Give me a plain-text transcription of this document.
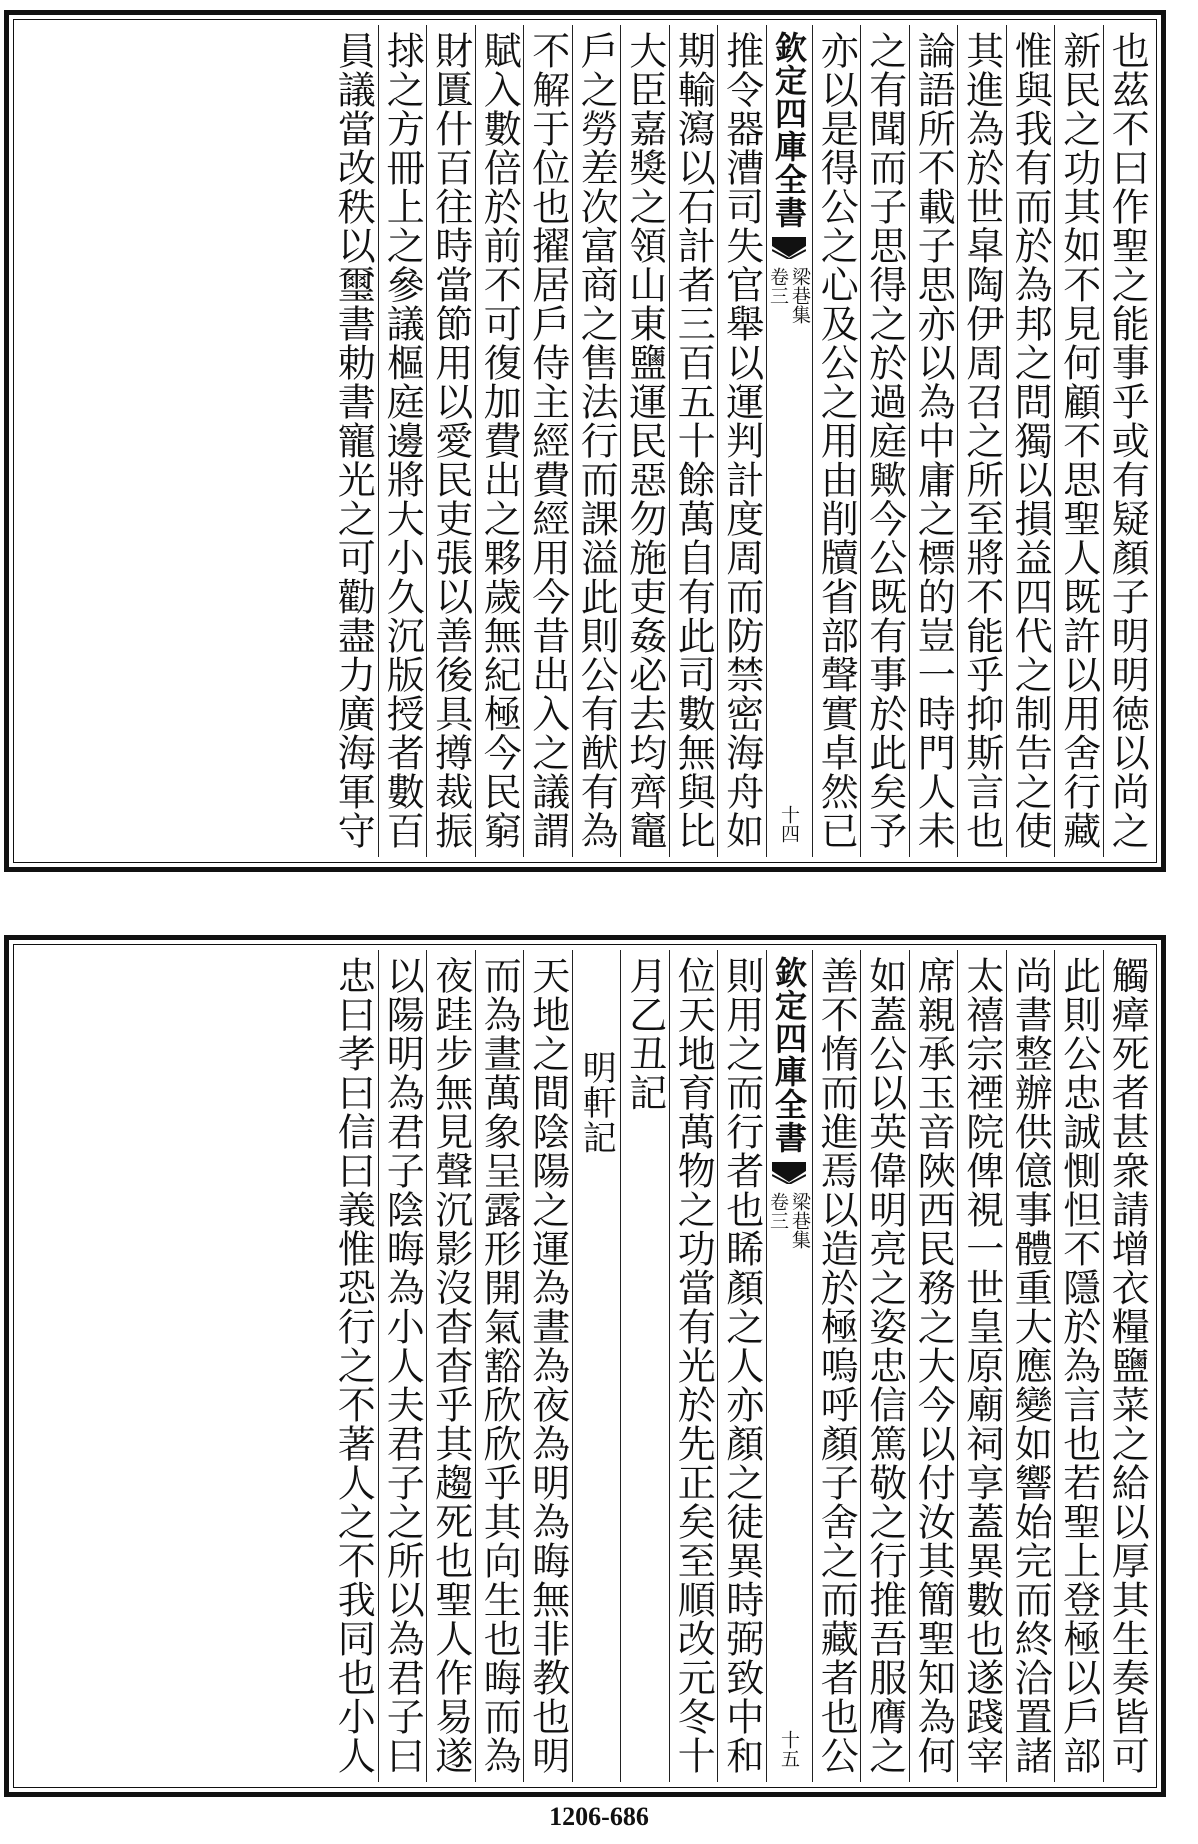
也茲不曰作聖之能事乎或有疑顏子明明徳以尚之
新民之功其如不見何顧不思聖人既許以用舍行藏
惟與我有而於為邦之問獨以損益四代之制告之使
其進為於世皐陶伊周召之所至將不能乎抑斯言也
論語所不載子思亦以為中庸之標的豈一時門人未
之有聞而子思得之於過庭歟今公既有事於此矣予
亦以是得公之心及公之用由削牘省部聲實卓然已
欽定四庫全書
梁巷集
卷三
十四
推令器漕司失官舉以運判計度周而防禁密海舟如
期輸瀉以石計者三百五十餘萬自有此司數無與比
大臣嘉獎之領山東鹽運民惡勿施吏姦必去均齊竈
戶之勞差次富商之售法行而課溢此則公有猷有為
不解于位也擢居戶侍主經費經用今昔出入之議謂
賦入數倍於前不可復加費出之夥歲無紀極今民窮
財匱什百往時當節用以愛民吏張以善後具撙裁振
捄之方冊上之參議樞庭邊將大小久沉版授者數百
員議當改秩以璽書勅書寵光之可勸盡力廣海軍守
觸瘴死者甚衆請增衣糧鹽菜之給以厚其生奏皆可
此則公忠誠惻怛不隱於為言也若聖上登極以戶部
尚書整辦供億事體重大應變如響始完而終洽置諸
太禧宗禋院俾視一世皇原廟祠享蓋異數也遂踐宰
席親承玉音陜西民務之大今以付汝其簡聖知為何
如蓋公以英偉明亮之姿忠信篤敬之行推吾服膺之
善不惰而進焉以造於極嗚呼顏子舍之而藏者也公
欽定四庫全書
梁巷集
卷三
十五
則用之而行者也睎顏之人亦顏之徒異時弼致中和
位天地育萬物之功當有光於先正矣至順改元冬十
月乙丑記
明軒記
天地之間陰陽之運為晝為夜為明為晦無非教也明
而為晝萬象呈露形開氣豁欣欣乎其向生也晦而為
夜跬步無見聲沉影沒杳杳乎其趨死也聖人作易遂
以陽明為君子陰晦為小人夫君子之所以為君子曰
忠曰孝曰信曰義惟恐行之不著人之不我同也小人
1206-686
